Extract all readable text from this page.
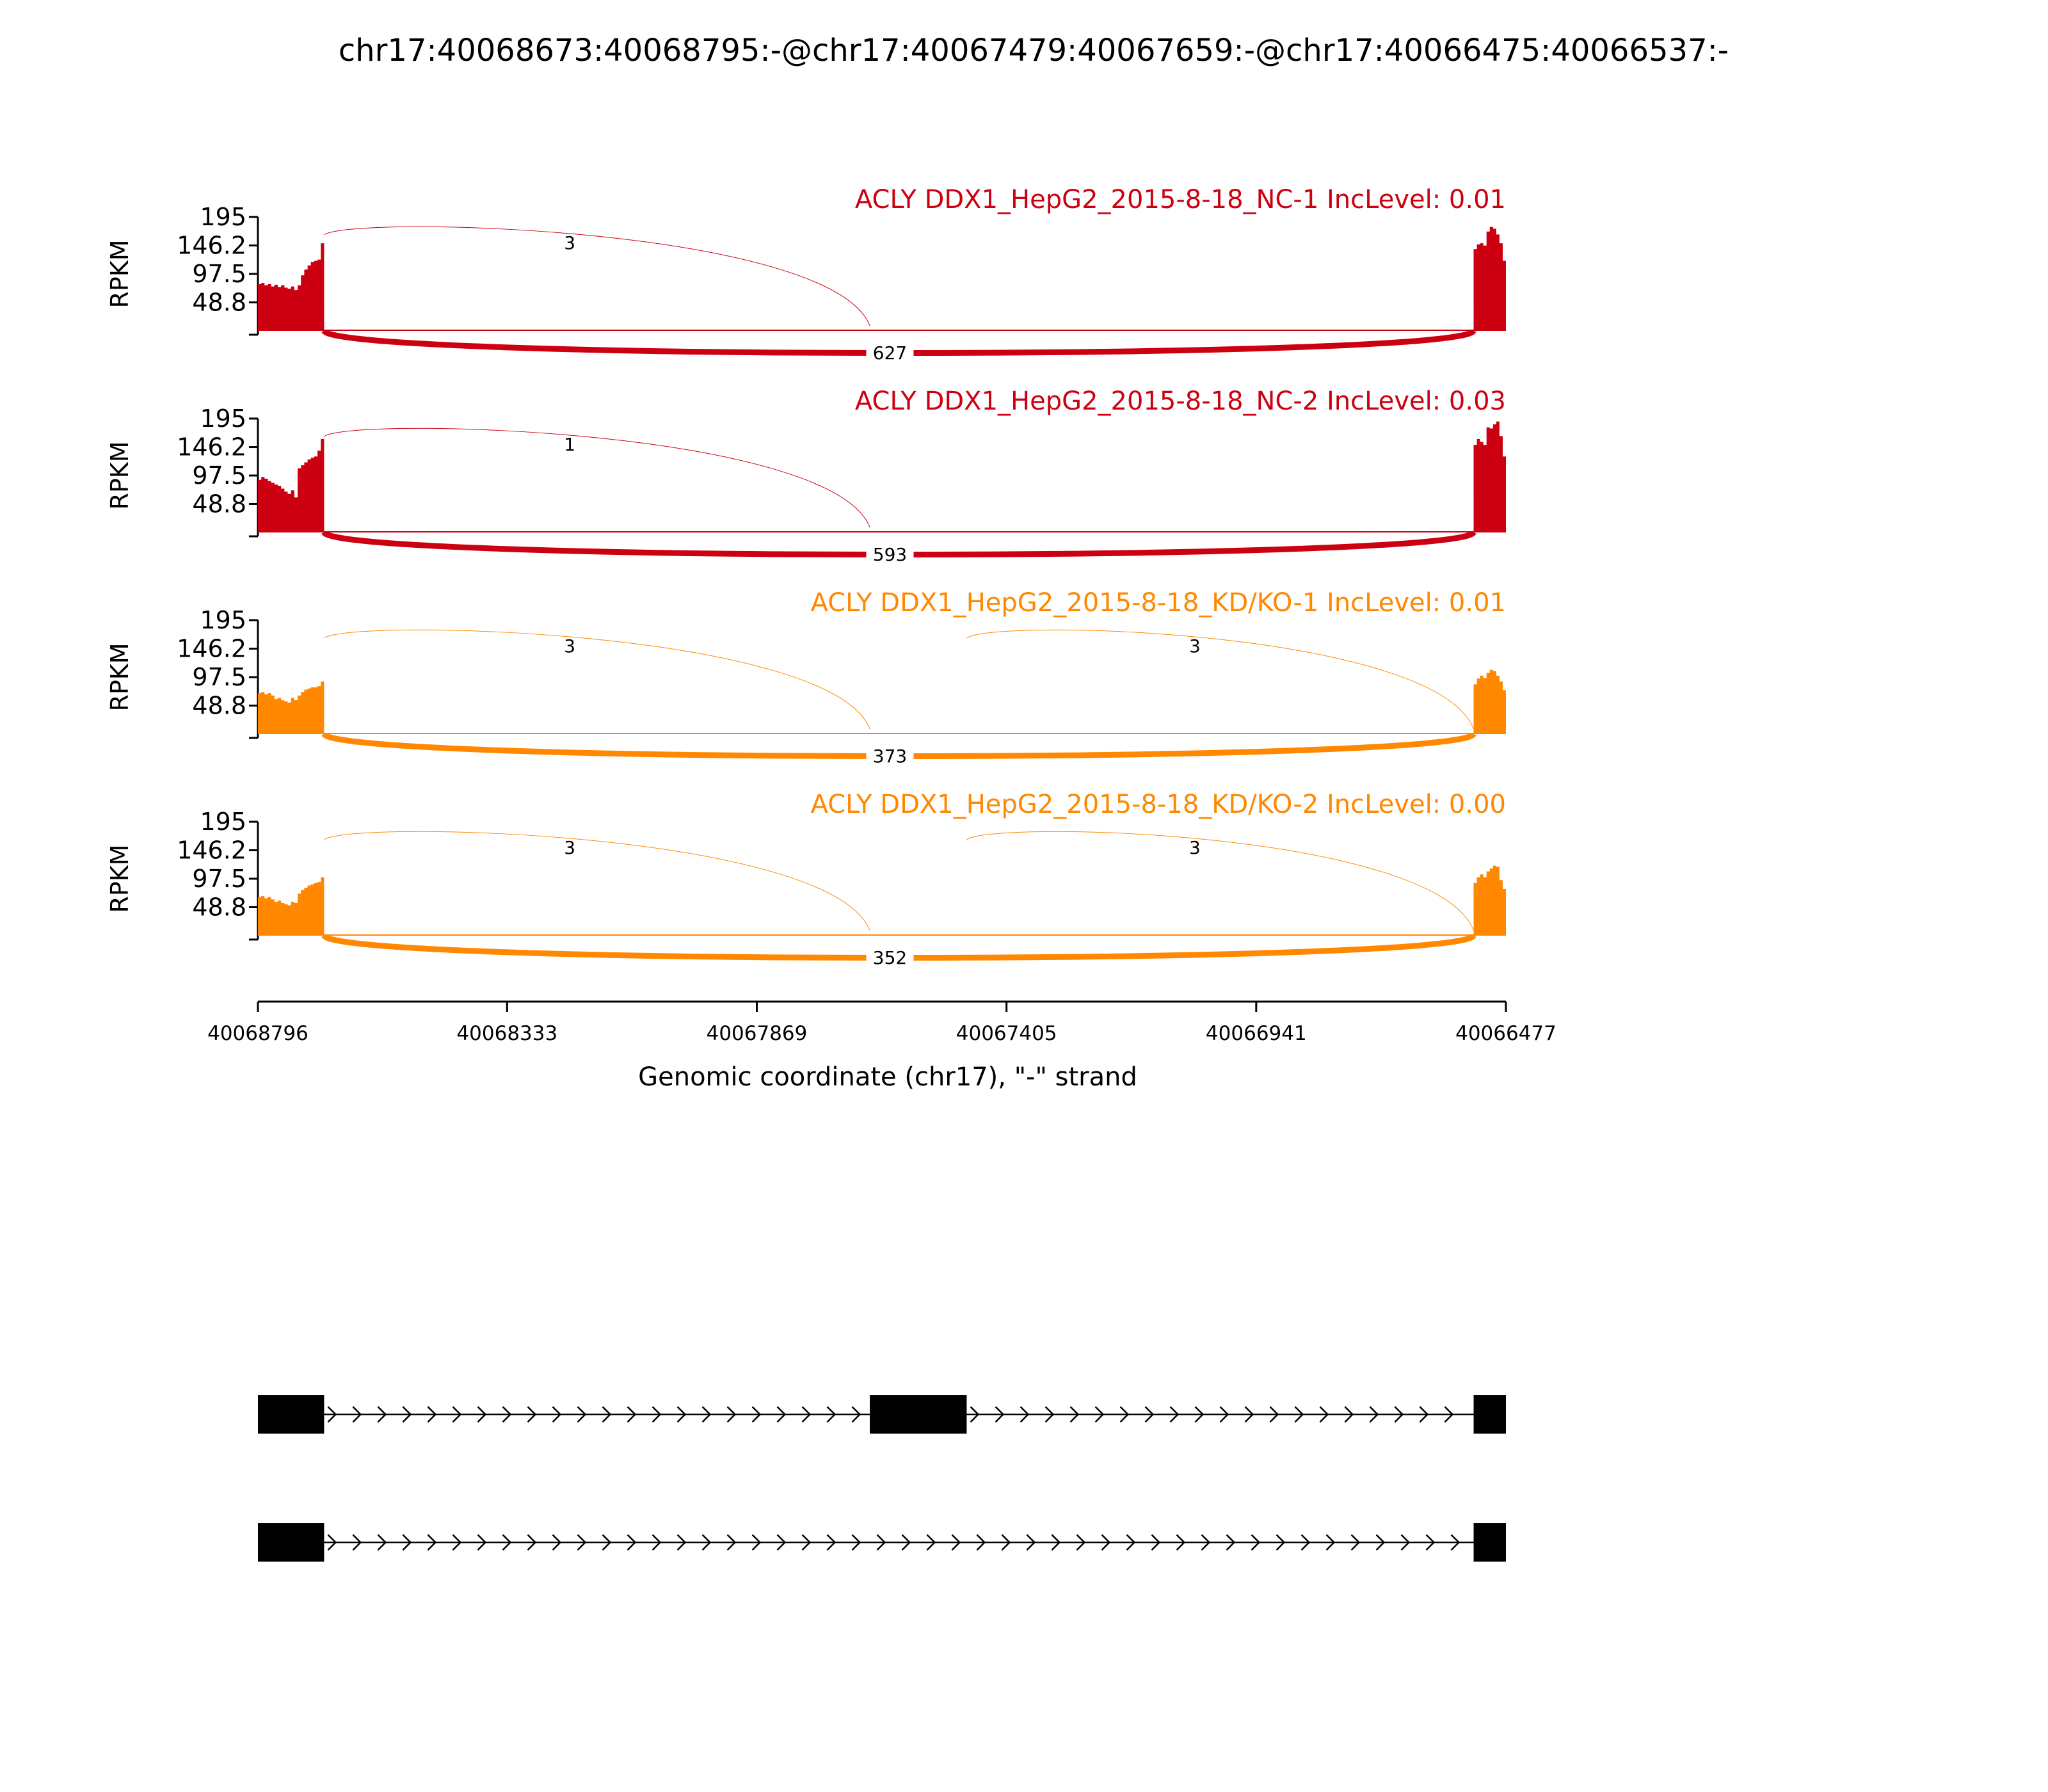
chr17:40068673:40068795:-@chr17:40067479:40067659:-@chr17:40066475:40066537:-
195
146.2
97.5
48.8
RPKM
ACLY DDX1_HepG2_2015-8-18_NC-1 IncLevel: 0.01
3
627
195
146.2
97.5
48.8
RPKM
ACLY DDX1_HepG2_2015-8-18_NC-2 IncLevel: 0.03
1
593
195
146.2
97.5
48.8
RPKM
ACLY DDX1_HepG2_2015-8-18_KD/KO-1 IncLevel: 0.01
3	3
373
195
146.2
97.5
48.8
RPKM
ACLY DDX1_HepG2_2015-8-18_KD/KO-2 IncLevel: 0.00
3	3
352
40068796	40068333	40067869	40067405	40066941	40066477
Genomic coordinate (chr17), "-" strand
